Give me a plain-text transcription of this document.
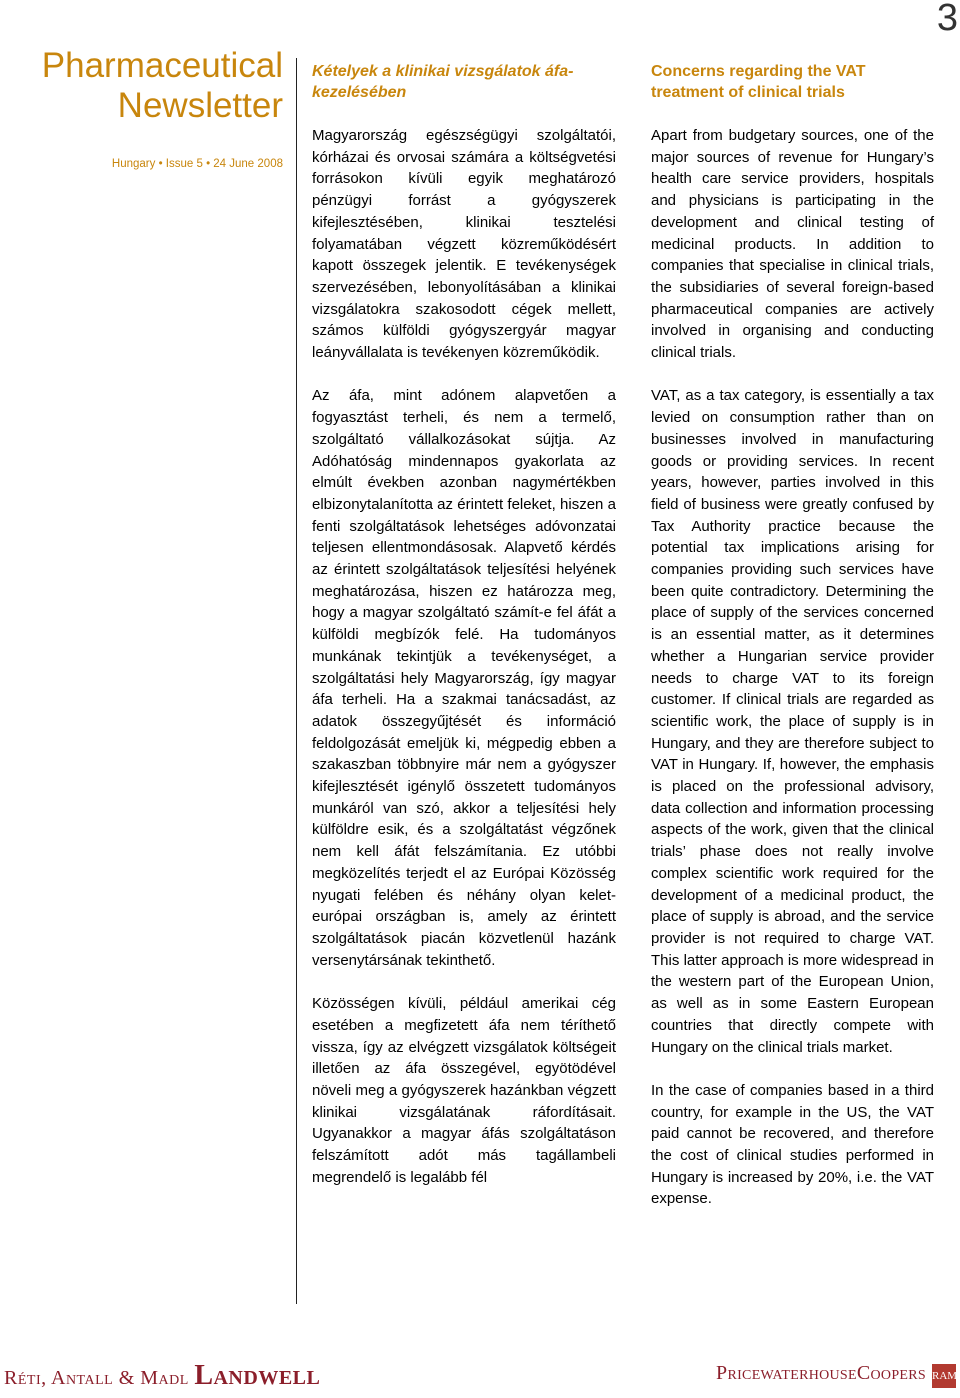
3
Pharmaceutical
Newsletter
Hungary • Issue 5 • 24 June 2008
Kételyek a klinikai vizsgálatok áfa-kezelésében

Magyarország egészségügyi szolgáltatói, kórházai és orvosai számára a költségvetési forrásokon kívüli egyik meghatározó pénzügyi forrást a gyógyszerek kifejlesztésében, klinikai tesztelési folyamatában végzett közreműködésért kapott összegek jelentik. E tevékenységek szervezésében, lebonyolításában a klinikai vizsgálatokra szakosodott cégek mellett, számos külföldi gyógyszergyár magyar leányvállalata is tevékenyen közreműködik.

Az áfa, mint adónem alapvetően a fogyasztást terheli, és nem a termelő, szolgáltató vállalkozásokat sújtja. Az Adóhatóság mindennapos gyakorlata az elmúlt években azonban nagymértékben elbizonytalanította az érintett feleket, hiszen a fenti szolgáltatások lehetséges adóvonzatai teljesen ellentmondásosak. Alapvető kérdés az érintett szolgáltatások teljesítési helyének meghatározása, hiszen ez határozza meg, hogy a magyar szolgáltató számít-e fel áfát a külföldi megbízók felé. Ha tudományos munkának tekintjük a tevékenységet, a szolgáltatási hely Magyarország, így magyar áfa terheli. Ha a szakmai tanácsadást, az adatok összegyűjtését és információ feldolgozását emeljük ki, mégpedig ebben a szakaszban többnyire már nem a gyógyszer kifejlesztését igénylő összetett tudományos munkáról van szó, akkor a teljesítési hely külföldre esik, és a szolgáltatást végzőnek nem kell áfát felszámítania. Ez utóbbi megközelítés terjedt el az Európai Közösség nyugati felében és néhány olyan kelet-európai országban is, amely az érintett szolgáltatások piacán közvetlenül hazánk versenytársának tekinthető.

Közösségen kívüli, például amerikai cég esetében a megfizetett áfa nem téríthető vissza, így az elvégzett vizsgálatok költségeit illetően az áfa összegével, egyötödével növeli meg a gyógyszerek hazánkban végzett klinikai vizsgálatának ráfordításait. Ugyanakkor a magyar áfás szolgáltatáson felszámított adót más tagállambeli megrendelő is legalább fél

Concerns regarding the VAT treatment of clinical trials

Apart from budgetary sources, one of the major sources of revenue for Hungary’s health care service providers, hospitals and physicians is participating in the development and clinical testing of medicinal products. In addition to companies that specialise in clinical trials, the subsidiaries of several foreign-based pharmaceutical companies are actively involved in organising and conducting clinical trials.

VAT, as a tax category, is essentially a tax levied on consumption rather than on businesses involved in manufacturing goods or providing services. In recent years, however, parties involved in this field of business were greatly confused by Tax Authority practice because the potential tax implications arising for companies providing such services have been quite contradictory. Determining the place of supply of the services concerned is an essential matter, as it determines whether a Hungarian service provider needs to charge VAT to its foreign customer. If clinical trials are regarded as scientific work, the place of supply is in Hungary, and they are therefore subject to VAT in Hungary. If, however, the emphasis is placed on the professional advisory, data collection and information processing aspects of the work, given that the clinical trials’ phase does not really involve complex scientific work required for the development of a medicinal product, the place of supply is abroad, and the service provider is not required to charge VAT. This latter approach is more widespread in the western part of the European Union, as well as in some Eastern European countries that directly compete with Hungary on the clinical trials market.

In the case of companies based in a third country, for example in the US, the VAT paid cannot be recovered, and therefore the cost of clinical studies performed in Hungary is increased by 20%, i.e. the VAT expense.

Réti, Antall & Madl Landwell	PricewaterhouseCoopers RAM
